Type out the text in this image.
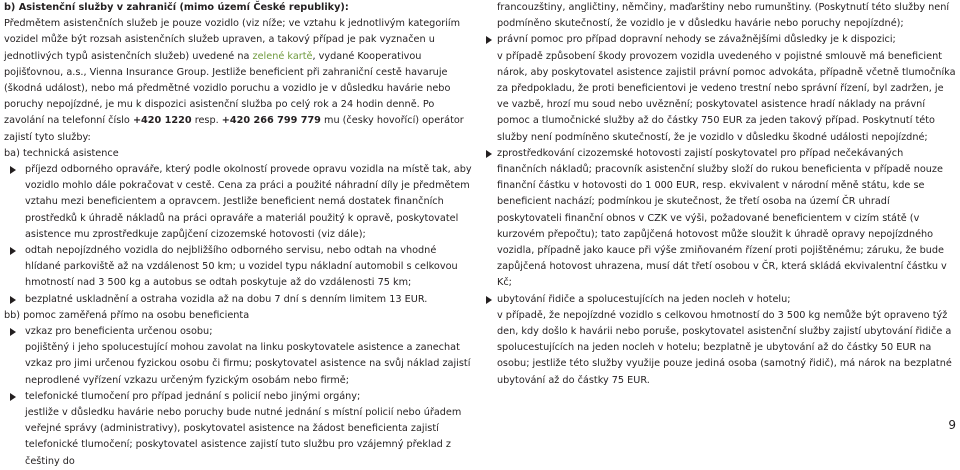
b) Asistenční služby v zahraničí (mimo území České republiky):

Předmětem asistenčních služeb je pouze vozidlo (viz níže; ve vztahu k jednotlivým kategoriím vozidel může být rozsah asistenčních služeb upraven, a takový případ je pak vyznačen u jednotlivých typů asistenčních služeb) uvedené na zelené kartě, vydané Kooperativou pojišťovnou, a.s., Vienna Insurance Group. Jestliže beneficient při zahraniční cestě havaruje (škodná událost), nebo má předmětné vozidlo poruchu a vozidlo je v důsledku havárie nebo poruchy nepojízdné, je mu k dispozici asistenční služba po celý rok a 24 hodin denně. Po zavolání na telefonní číslo +420 1220 resp. +420 266 799 779 mu (česky hovořící) operátor zajistí tyto služby:

ba) technická asistence

příjezd odborného opraváře, který podle okolností provede opravu vozidla na místě tak, aby vozidlo mohlo dále pokračovat v cestě. Cena za práci a použité náhradní díly je předmětem vztahu mezi beneficientem a opravcem. Jestliže beneficient nemá dostatek finančních prostředků k úhradě nákladů na práci opraváře a materiál použitý k opravě, poskytovatel asistence mu zprostředkuje zapůjčení cizozemské hotovosti (viz dále);

odtah nepojízdného vozidla do nejbližšího odborného servisu, nebo odtah na vhodné hlídané parkoviště až na vzdálenost 50 km; u vozidel typu nákladní automobil s celkovou hmotností nad 3 500 kg a autobus se odtah poskytuje až do vzdálenosti 75 km;

bezplatné uskladnění a ostraha vozidla až na dobu 7 dní s denním limitem 13 EUR.

bb) pomoc zaměřená přímo na osobu beneficienta

vzkaz pro beneficienta určenou osobu;

pojištěný i jeho spolucestující mohou zavolat na linku poskytovatele asistence a zanechat vzkaz pro jimi určenou fyzickou osobu či firmu; poskytovatel asistence na svůj náklad zajistí neprodlené vyřízení vzkazu určeným fyzickým osobám nebo firmě;

telefonické tlumočení pro případ jednání s policií nebo jinými orgány;

jestliže v důsledku havárie nebo poruchy bude nutné jednání s místní policií nebo úřadem veřejné správy (administrativy), poskytovatel asistence na žádost beneficienta zajistí telefonické tlumočení; poskytovatel asistence zajistí tuto službu pro vzájemný překlad z češtiny do

francouzštiny, angličtiny, němčiny, maďarštiny nebo rumunštiny. (Poskytnutí této služby není podmíněno skutečností, že vozidlo je v důsledku havárie nebo poruchy nepojízdné);

právní pomoc pro případ dopravní nehody se závažnějšími důsledky je k dispozici;

v případě způsobení škody provozem vozidla uvedeného v pojistné smlouvě má beneficient nárok, aby poskytovatel asistence zajistil právní pomoc advokáta, případně včetně tlumočníka za předpokladu, že proti beneficientovi je vedeno trestní nebo správní řízení, byl zadržen, je ve vazbě, hrozí mu soud nebo uvěznění; poskytovatel asistence hradí náklady na právní pomoc a tlumočnické služby až do částky 750 EUR za jeden takový případ. Poskytnutí této služby není podmíněno skutečností, že je vozidlo v důsledku škodné události nepojízdné;

zprostředkování cizozemské hotovosti zajistí poskytovatel pro případ nečekávaných finančních nákladů; pracovník asistenční služby složí do rukou beneficienta v případě nouze finanční částku v hotovosti do 1 000 EUR, resp. ekvivalent v národní měně státu, kde se beneficient nachází; podmínkou je skutečnost, že třetí osoba na území ČR uhradí poskytovateli finanční obnos v CZK ve výši, požadované beneficientem v cizím státě (v kurzovém přepočtu); tato zapůjčená hotovost může sloužit k úhradě opravy nepojízdného vozidla, případně jako kauce při výše zmiňovaném řízení proti pojištěnému; záruku, že bude zapůjčená hotovost uhrazena, musí dát třetí osobou v ČR, která skládá ekvivalentní částku v Kč;

ubytování řidiče a spolucestujících na jeden nocleh v hotelu;

v případě, že nepojízdné vozidlo s celkovou hmotností do 3 500 kg nemůže být opraveno týž den, kdy došlo k havárii nebo poruše, poskytovatel asistenční služby zajistí ubytování řidiče a spolucestujících na jeden nocleh v hotelu; bezplatně je ubytování až do částky 50 EUR na osobu; jestliže této služby využije pouze jediná osoba (samotný řidič), má nárok na bezplatné ubytování až do částky 75 EUR.

9
